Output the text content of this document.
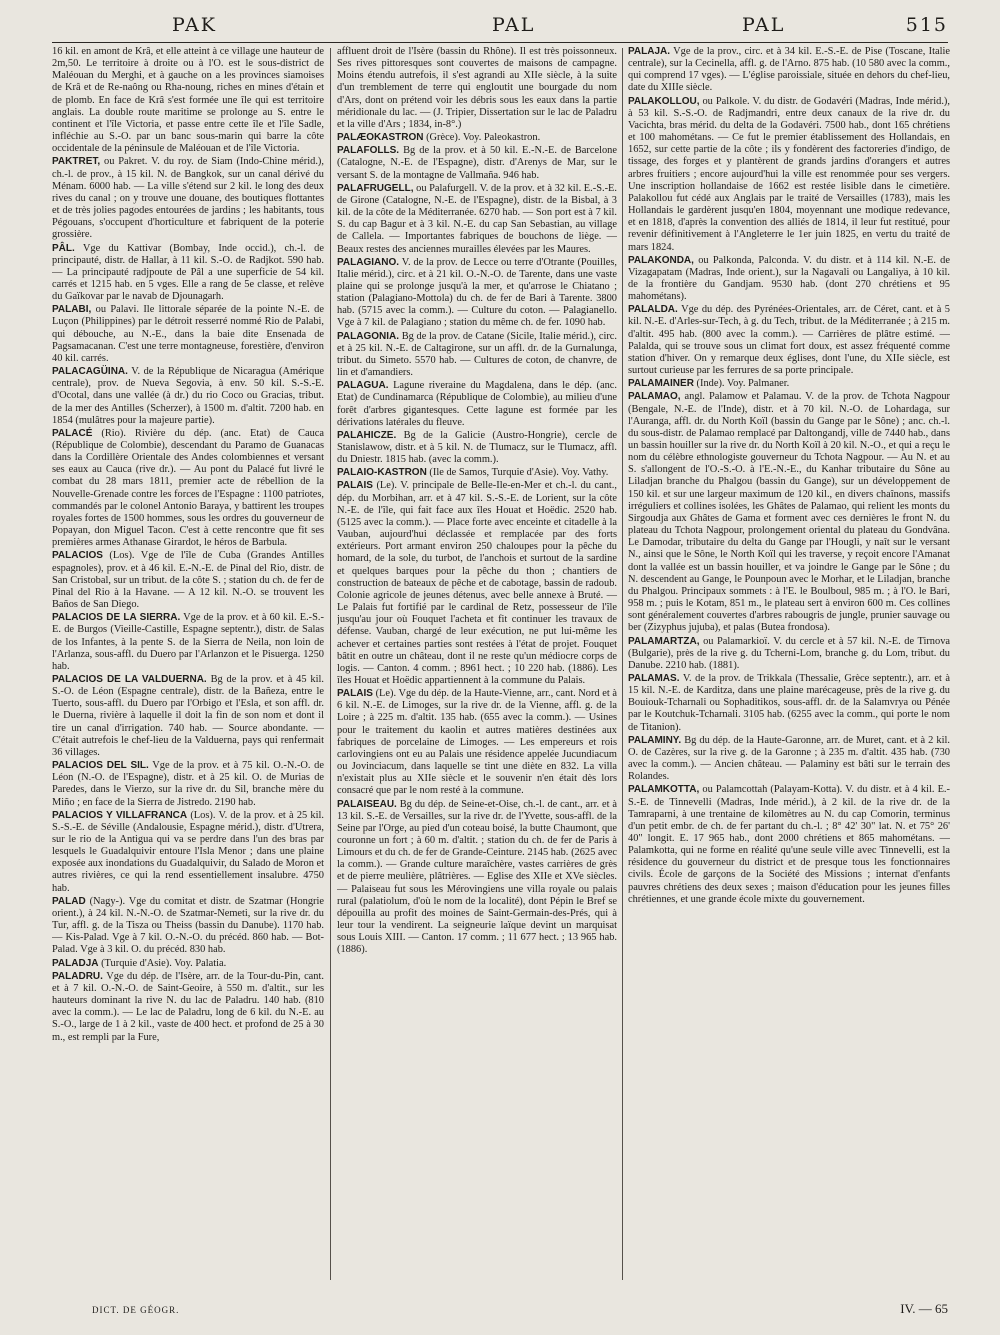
PAK	PAL	PAL	515

16 kil. en amont de Krâ, et elle atteint à ce village une hauteur de 2m,50. Le territoire à droite ou à l'O. est le sous-district de Maléouan du Merghi, et à gauche on a les provinces siamoises de Krâ et de Re-naông ou Rha-noung, riches en mines d'étain et de plomb. En face de Krâ s'est formée une île qui est territoire anglais. La double route maritime se prolonge au S. entre le continent et l'île Victoria, et passe entre cette île et l'île Sadle, infléchie au S.-O. par un banc sous-marin qui barre la côte occidentale de la péninsule de Maléouan et de l'île Victoria.

PAKTRET, ou Pakret. V. du roy. de Siam (Indo-Chine mérid.), ch.-l. de prov., à 15 kil. N. de Bangkok, sur un canal dérivé du Ménam. 6000 hab. — La ville s'étend sur 2 kil. le long des deux rives du canal ; on y trouve une douane, des boutiques flottantes et de très jolies pagodes entourées de jardins ; les habitants, tous Pégouans, s'occupent d'horticulture et fabriquent de la poterie grossière.

PÂL. Vge du Kattivar (Bombay, Inde occid.), ch.-l. de principauté, distr. de Hallar, à 11 kil. S.-O. de Radjkot. 590 hab. — La principauté radjpoute de Pâl a une superficie de 54 kil. carrés et 1215 hab. en 5 vges. Elle a rang de 5e classe, et relève du Gaïkovar par le navab de Djounagarh.

PALABI, ou Palavi. Ile littorale séparée de la pointe N.-E. de Luçon (Philippines) par le détroit resserré nommé Rio de Palabi, qui débouche, au N.-E., dans la baie dite Ensenada de Pagsamacanan. C'est une terre montagneuse, forestière, d'environ 40 kil. carrés.

PALACAGÜINA. V. de la République de Nicaragua (Amérique centrale), prov. de Nueva Segovia, à env. 50 kil. S.-S.-E. d'Ocotal, dans une vallée (à dr.) du rio Coco ou Gracias, tribut. de la mer des Antilles (Scherzer), à 1500 m. d'altit. 7200 hab. en 1854 (mulâtres pour la majeure partie).

PALACÉ (Rio). Rivière du dép. (anc. Etat) de Cauca (République de Colombie), descendant du Paramo de Guanacas dans la Cordillère Orientale des Andes colombiennes et versant ses eaux au Cauca (rive dr.). — Au pont du Palacé fut livré le combat du 28 mars 1811, premier acte de rébellion de la Nouvelle-Grenade contre les forces de l'Espagne : 1100 patriotes, commandés par le colonel Antonio Baraya, y battirent les troupes royales fortes de 1500 hommes, sous les ordres du gouverneur de Popayan, don Miguel Tacon. C'est à cette rencontre que fit ses premières armes Athanase Girardot, le héros de Barbula.

PALACIOS (Los). Vge de l'île de Cuba (Grandes Antilles espagnoles), prov. et à 46 kil. E.-N.-E. de Pinal del Rio, distr. de San Cristobal, sur un tribut. de la côte S. ; station du ch. de fer de Pinal del Rio à la Havane. — A 12 kil. N.-O. se trouvent les Baños de San Diego.

PALACIOS DE LA SIERRA. Vge de la prov. et à 60 kil. E.-S.-E. de Burgos (Vieille-Castille, Espagne septentr.), distr. de Salas de los Infantes, à la pente S. de la Sierra de Neila, non loin de l'Arlanza, sous-affl. du Duero par l'Arlanzon et le Pisuerga. 1250 hab.

PALACIOS DE LA VALDUERNA. Bg de la prov. et à 45 kil. S.-O. de Léon (Espagne centrale), distr. de la Bañeza, entre le Tuerto, sous-affl. du Duero par l'Orbigo et l'Esla, et son affl. dr. le Duerna, rivière à laquelle il doit la fin de son nom et dont il tire un canal d'irrigation. 740 hab. — Source abondante. — C'était autrefois le chef-lieu de la Valduerna, pays qui renfermait 36 villages.

PALACIOS DEL SIL. Vge de la prov. et à 75 kil. O.-N.-O. de Léon (N.-O. de l'Espagne), distr. et à 25 kil. O. de Murias de Paredes, dans le Vierzo, sur la rive dr. du Sil, branche mère du Miño ; en face de la Sierra de Jistredo. 2190 hab.

PALACIOS Y VILLAFRANCA (Los). V. de la prov. et à 25 kil. S.-S.-E. de Séville (Andalousie, Espagne mérid.), distr. d'Utrera, sur le rio de la Antigua qui va se perdre dans l'un des bras par lesquels le Guadalquivir entoure l'Isla Menor ; dans une plaine exposée aux inondations du Guadalquivir, du Salado de Moron et autres rivières, ce qui la rend essentiellement insalubre. 4750 hab.

PALAD (Nagy-). Vge du comitat et distr. de Szatmar (Hongrie orient.), à 24 kil. N.-N.-O. de Szatmar-Nemeti, sur la rive dr. du Tur, affl. g. de la Tisza ou Theiss (bassin du Danube). 1170 hab. — Kis-Palad. Vge à 7 kil. O.-N.-O. du précéd. 860 hab. — Bot-Palad. Vge à 3 kil. O. du précéd. 830 hab.

PALADJA (Turquie d'Asie). Voy. Palatia.

PALADRU. Vge du dép. de l'Isère, arr. de la Tour-du-Pin, cant. et à 7 kil. O.-N.-O. de Saint-Geoire, à 550 m. d'altit., sur les hauteurs dominant la rive N. du lac de Paladru. 140 hab. (810 avec la comm.). — Le lac de Paladru, long de 6 kil. du N.-E. au S.-O., large de 1 à 2 kil., vaste de 400 hect. et profond de 25 à 30 m., est rempli par la Fure,

affluent droit de l'Isère (bassin du Rhône). Il est très poissonneux. Ses rives pittoresques sont couvertes de maisons de campagne. Moins étendu autrefois, il s'est agrandi au XIIe siècle, à la suite d'un tremblement de terre qui engloutit une bourgade du nom d'Ars, dont on prétend voir les débris sous les eaux dans la partie méridionale du lac. — (J. Tripier, Dissertation sur le lac de Paladru et la ville d'Ars ; 1834, in-8°.)

PALÆOKASTRON (Grèce). Voy. Paleokastron.

PALAFOLLS. Bg de la prov. et à 50 kil. E.-N.-E. de Barcelone (Catalogne, N.-E. de l'Espagne), distr. d'Arenys de Mar, sur le versant S. de la montagne de Vallmaña. 946 hab.

PALAFRUGELL, ou Palafurgell. V. de la prov. et à 32 kil. E.-S.-E. de Girone (Catalogne, N.-E. de l'Espagne), distr. de la Bisbal, à 3 kil. de la côte de la Méditerranée. 6270 hab. — Son port est à 7 kil. S. du cap Bagur et à 3 kil. N.-E. du cap San Sebastian, au village de Callela. — Importantes fabriques de bouchons de liège. — Beaux restes des anciennes murailles élevées par les Maures.

PALAGIANO. V. de la prov. de Lecce ou terre d'Otrante (Pouilles, Italie mérid.), circ. et à 21 kil. O.-N.-O. de Tarente, dans une vaste plaine qui se prolonge jusqu'à la mer, et qu'arrose le Chiatano ; station (Palagiano-Mottola) du ch. de fer de Bari à Tarente. 3800 hab. (5715 avec la comm.). — Culture du coton. — Palagianello. Vge à 7 kil. de Palagiano ; station du même ch. de fer. 1090 hab.

PALAGONIA. Bg de la prov. de Catane (Sicile, Italie mérid.), circ. et à 25 kil. N.-E. de Caltagirone, sur un affl. dr. de la Gurnalunga, tribut. du Simeto. 5570 hab. — Cultures de coton, de chanvre, de lin et d'amandiers.

PALAGUA. Lagune riveraine du Magdalena, dans le dép. (anc. Etat) de Cundinamarca (République de Colombie), au milieu d'une forêt d'arbres gigantesques. Cette lagune est formée par les dérivations latérales du fleuve.

PALAHICZE. Bg de la Galicie (Austro-Hongrie), cercle de Stanislawow, distr. et à 5 kil. N. de Tlumacz, sur le Tlumacz, affl. du Dniestr. 1815 hab. (avec la comm.).

PALAIO-KASTRON (Ile de Samos, Turquie d'Asie). Voy. Vathy.

PALAIS (Le). V. principale de Belle-Ile-en-Mer et ch.-l. du cant., dép. du Morbihan, arr. et à 47 kil. S.-S.-E. de Lorient, sur la côte N.-E. de l'île, qui fait face aux îles Houat et Hoëdic. 2520 hab. (5125 avec la comm.). — Place forte avec enceinte et citadelle à la Vauban, aujourd'hui déclassée et remplacée par des forts extérieurs. Port armant environ 250 chaloupes pour la pêche du homard, de la sole, du turbot, de l'anchois et surtout de la sardine et quelques barques pour la pêche du thon ; chantiers de construction de bateaux de pêche et de cabotage, bassin de radoub. Colonie agricole de jeunes détenus, avec belle annexe à Bruté. — Le Palais fut fortifié par le cardinal de Retz, possesseur de l'île jusqu'au jour où Fouquet l'acheta et fit continuer les travaux de défense. Vauban, chargé de leur exécution, ne put lui-même les achever et certaines parties sont restées à l'état de projet. Fouquet bâtit en outre un château, dont il ne reste qu'un médiocre corps de logis. — Canton. 4 comm. ; 8961 hect. ; 10 220 hab. (1886). Les îles Houat et Hoëdic appartiennent à la commune du Palais.

PALAIS (Le). Vge du dép. de la Haute-Vienne, arr., cant. Nord et à 6 kil. N.-E. de Limoges, sur la rive dr. de la Vienne, affl. g. de la Loire ; à 225 m. d'altit. 135 hab. (655 avec la comm.). — Usines pour le traitement du kaolin et autres matières destinées aux fabriques de porcelaine de Limoges. — Les empereurs et rois carlovingiens ont eu au Palais une résidence appelée Jucundiacum ou Jovinciacum, dans laquelle se tint une diète en 832. La villa n'existait plus au XIIe siècle et le souvenir n'en était dès lors consacré que par le nom resté à la commune.

PALAISEAU. Bg du dép. de Seine-et-Oise, ch.-l. de cant., arr. et à 13 kil. S.-E. de Versailles, sur la rive dr. de l'Yvette, sous-affl. de la Seine par l'Orge, au pied d'un coteau boisé, la butte Chaumont, que couronne un fort ; à 60 m. d'altit. ; station du ch. de fer de Paris à Limours et du ch. de fer de Grande-Ceinture. 2145 hab. (2625 avec la comm.). — Grande culture maraîchère, vastes carrières de grès et de pierre meulière, plâtrières. — Eglise des XIIe et XVe siècles. — Palaiseau fut sous les Mérovingiens une villa royale ou palais rural (palatiolum, d'où le nom de la localité), dont Pépin le Bref se dépouilla au profit des moines de Saint-Germain-des-Prés, qui à leur tour la vendirent. La seigneurie laïque devint un marquisat sous Louis XIII. — Canton. 17 comm. ; 11 677 hect. ; 13 965 hab. (1886).

PALAJA. Vge de la prov., circ. et à 34 kil. E.-S.-E. de Pise (Toscane, Italie centrale), sur la Cecinella, affl. g. de l'Arno. 875 hab. (10 580 avec la comm., qui comprend 17 vges). — L'église paroissiale, située en dehors du chef-lieu, date du XIIIe siècle.

PALAKOLLOU, ou Palkole. V. du distr. de Godavéri (Madras, Inde mérid.), à 53 kil. S.-S.-O. de Radjmandri, entre deux canaux de la rive dr. du Vacichta, bras mérid. du delta de la Godavéri. 7500 hab., dont 165 chrétiens et 100 mahométans. — Ce fut le premier établissement des Hollandais, en 1652, sur cette partie de la côte ; ils y fondèrent des factoreries d'indigo, de tissage, des forges et y plantèrent de grands jardins d'orangers et autres arbres fruitiers ; encore aujourd'hui la ville est renommée pour ses vergers. Une inscription hollandaise de 1662 est restée lisible dans le cimetière. Palakollou fut cédé aux Anglais par le traité de Versailles (1783), mais les Hollandais le gardèrent jusqu'en 1804, moyennant une modique redevance, et en 1818, d'après la convention des alliés de 1814, il leur fut restitué, pour revenir définitivement à l'Angleterre le 1er juin 1825, en vertu du traité de mars 1824.

PALAKONDA, ou Palkonda, Palconda. V. du distr. et à 114 kil. N.-E. de Vizagapatam (Madras, Inde orient.), sur la Nagavali ou Langaliya, à 10 kil. de la frontière du Gandjam. 9530 hab. (dont 270 chrétiens et 95 mahométans).

PALALDA. Vge du dép. des Pyrénées-Orientales, arr. de Céret, cant. et à 5 kil. N.-E. d'Arles-sur-Tech, à g. du Tech, tribut. de la Méditerranée ; à 215 m. d'altit. 495 hab. (800 avec la comm.). — Carrières de plâtre estimé. — Palalda, qui se trouve sous un climat fort doux, est assez fréquenté comme station d'hiver. On y remarque deux églises, dont l'une, du XIIe siècle, est surtout curieuse par les ferrures de sa porte principale.

PALAMAINER (Inde). Voy. Palmaner.

PALAMAO, angl. Palamow et Palamau. V. de la prov. de Tchota Nagpour (Bengale, N.-E. de l'Inde), distr. et à 70 kil. N.-O. de Lohardaga, sur l'Auranga, affl. dr. du North Koïl (bassin du Gange par le Sône) ; anc. ch.-l. du sous-distr. de Palamao remplacé par Daltongandj, ville de 7440 hab., dans un bassin houiller sur la rive dr. du North Koïl à 20 kil. N.-O., et qui a reçu le nom du célèbre ethnologiste gouverneur du Tchota Nagpour. — Au N. et au S. s'allongent de l'O.-S.-O. à l'E.-N.-E., du Kanhar tributaire du Sône au Liladjan branche du Phalgou (bassin du Gange), sur un développement de 150 kil. et sur une largeur maximum de 120 kil., en divers chaînons, massifs irréguliers et collines isolées, les Ghâtes de Palamao, qui relient les monts du Sirgoudja aux Ghâtes de Gama et forment avec ces dernières le front N. du plateau du Tchota Nagpour, prolongement oriental du plateau du Gondvâna. Le Damodar, tributaire du delta du Gange par l'Hougli, y naît sur le versant N., ainsi que le Sône, le North Koïl qui les traverse, y reçoit encore l'Amanat dont la vallée est un bassin houiller, et va joindre le Gange par le Sône ; du N. descendent au Gange, le Pounpoun avec le Morhar, et le Liladjan, branche du Phalgou. Principaux sommets : à l'E. le Boulboul, 985 m. ; à l'O. le Bari, 958 m. ; puis le Kotam, 851 m., le plateau sert à environ 600 m. Ces collines sont généralement couvertes d'arbres rabougris de jungle, prunier sauvage ou ber (Zizyphus jujuba), et palas (Butea frondosa).

PALAMARTZA, ou Palamarkioï. V. du cercle et à 57 kil. N.-E. de Tirnova (Bulgarie), près de la rive g. du Tcherni-Lom, branche g. du Lom, tribut. du Danube. 2210 hab. (1881).

PALAMAS. V. de la prov. de Trikkala (Thessalie, Grèce septentr.), arr. et à 15 kil. N.-E. de Karditza, dans une plaine marécageuse, près de la rive g. du Bouiouk-Tcharnali ou Sophaditikos, sous-affl. dr. de la Salamvrya ou Pénée par le Koutchuk-Tcharnali. 3105 hab. (6255 avec la comm., qui porte le nom de Titanion).

PALAMINY. Bg du dép. de la Haute-Garonne, arr. de Muret, cant. et à 2 kil. O. de Cazères, sur la rive g. de la Garonne ; à 235 m. d'altit. 435 hab. (730 avec la comm.). — Ancien château. — Palaminy est bâti sur le terrain des Rolandes.

PALAMKOTTA, ou Palamcottah (Palayam-Kotta). V. du distr. et à 4 kil. E.-S.-E. de Tinnevelli (Madras, Inde mérid.), à 2 kil. de la rive dr. de la Tamraparni, à une trentaine de kilomètres au N. du cap Comorin, terminus d'un petit embr. de ch. de fer partant du ch.-l. ; 8° 42' 30" lat. N. et 75° 26' 40" longit. E. 17 965 hab., dont 2000 chrétiens et 865 mahométans. — Palamkotta, qui ne forme en réalité qu'une seule ville avec Tinnevelli, est la résidence du gouverneur du district et de presque tous les fonctionnaires civils. École de garçons de la Société des Missions ; internat d'enfants pauvres chrétiens des deux sexes ; maison d'éducation pour les jeunes filles chrétiennes, et une grande école mixte du gouvernement.

DICT. DE GÉOGR.	IV. — 65
